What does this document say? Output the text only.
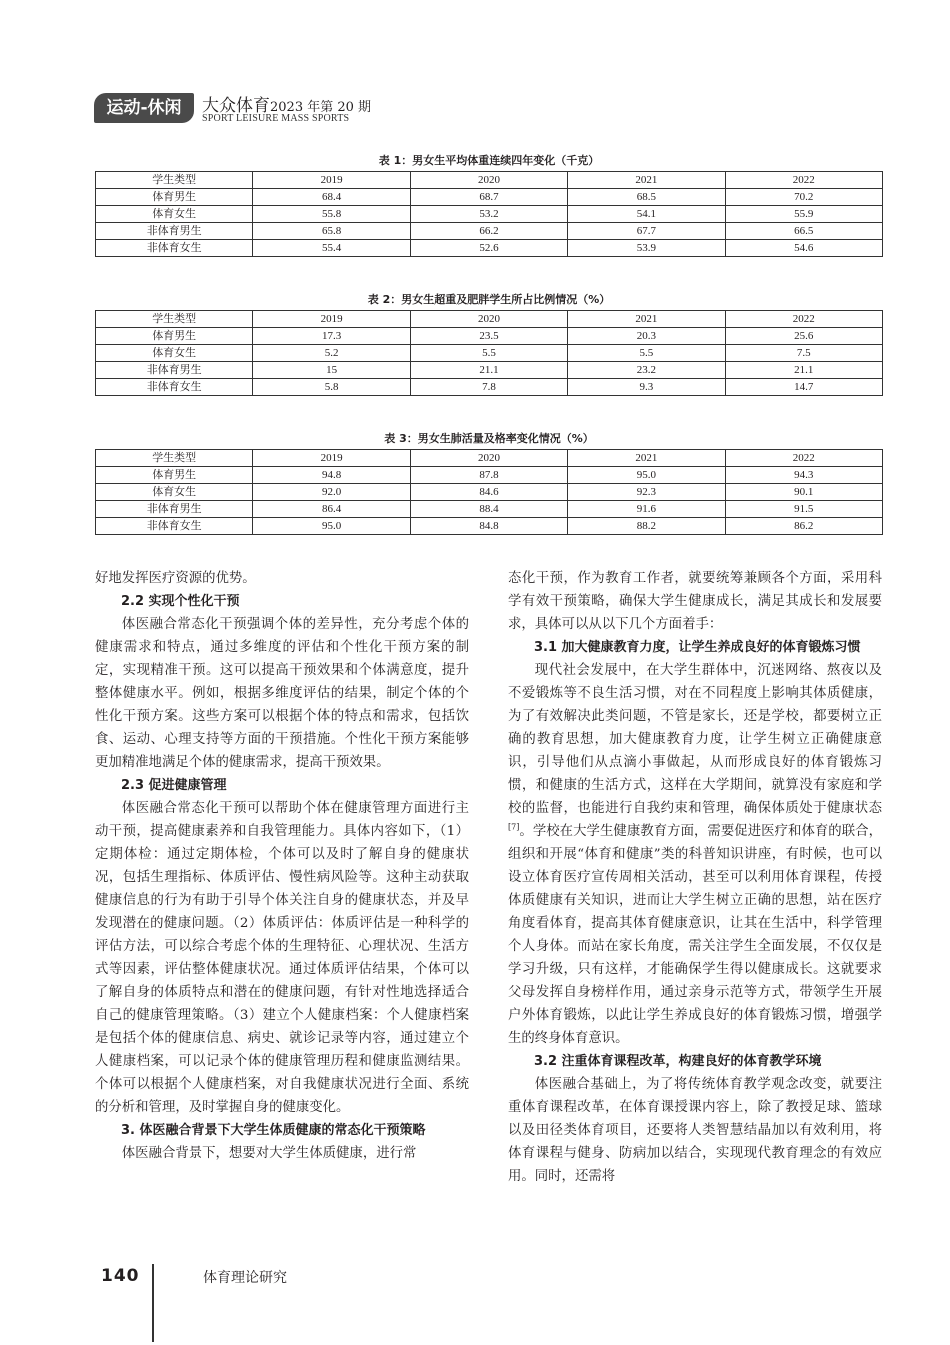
运动-休闲	大众体育2023 年第 20 期
SPORT LEISURE MASS SPORTS
表 1：男女生平均体重连续四年变化（千克）
学生类型	2019	2020	2021	2022
体育男生	68.4	68.7	68.5	70.2
体育女生	55.8	53.2	54.1	55.9
非体育男生	65.8	66.2	67.7	66.5
非体育女生	55.4	52.6	53.9	54.6
表 2：男女生超重及肥胖学生所占比例情况（%）
学生类型	2019	2020	2021	2022
体育男生	17.3	23.5	20.3	25.6
体育女生	5.2	5.5	5.5	7.5
非体育男生	15	21.1	23.2	21.1
非体育女生	5.8	7.8	9.3	14.7
表 3：男女生肺活量及格率变化情况（%）
学生类型	2019	2020	2021	2022
体育男生	94.8	87.8	95.0	94.3
体育女生	92.0	84.6	92.3	90.1
非体育男生	86.4	88.4	91.6	91.5
非体育女生	95.0	84.8	88.2	86.2

好地发挥医疗资源的优势。

2.2 实现个性化干预

体医融合常态化干预强调个体的差异性，充分考虑个体的健康需求和特点，通过多维度的评估和个性化干预方案的制定，实现精准干预。这可以提高干预效果和个体满意度，提升整体健康水平。例如，根据多维度评估的结果，制定个体的个性化干预方案。这些方案可以根据个体的特点和需求，包括饮食、运动、心理支持等方面的干预措施。个性化干预方案能够更加精准地满足个体的健康需求，提高干预效果。

2.3 促进健康管理

体医融合常态化干预可以帮助个体在健康管理方面进行主动干预，提高健康素养和自我管理能力。具体内容如下，（1）定期体检：通过定期体检，个体可以及时了解自身的健康状况，包括生理指标、体质评估、慢性病风险等。这种主动获取健康信息的行为有助于引导个体关注自身的健康状态，并及早发现潜在的健康问题。（2）体质评估：体质评估是一种科学的评估方法，可以综合考虑个体的生理特征、心理状况、生活方式等因素，评估整体健康状况。通过体质评估结果，个体可以了解自身的体质特点和潜在的健康问题，有针对性地选择适合自己的健康管理策略。（3）建立个人健康档案：个人健康档案是包括个体的健康信息、病史、就诊记录等内容，通过建立个人健康档案，可以记录个体的健康管理历程和健康监测结果。个体可以根据个人健康档案，对自我健康状况进行全面、系统的分析和管理，及时掌握自身的健康变化。

3. 体医融合背景下大学生体质健康的常态化干预策略

体医融合背景下，想要对大学生体质健康，进行常

态化干预，作为教育工作者，就要统筹兼顾各个方面，采用科学有效干预策略，确保大学生健康成长，满足其成长和发展要求，具体可以从以下几个方面着手：

3.1 加大健康教育力度，让学生养成良好的体育锻炼习惯

现代社会发展中，在大学生群体中，沉迷网络、熬夜以及不爱锻炼等不良生活习惯，对在不同程度上影响其体质健康，为了有效解决此类问题，不管是家长，还是学校，都要树立正确的教育思想，加大健康教育力度，让学生树立正确健康意识，引导他们从点滴小事做起，从而形成良好的体育锻炼习惯，和健康的生活方式，这样在大学期间，就算没有家庭和学校的监督，也能进行自我约束和管理，确保体质处于健康状态[7]。学校在大学生健康教育方面，需要促进医疗和体育的联合，组织和开展“体育和健康”类的科普知识讲座，有时候，也可以设立体育医疗宣传周相关活动，甚至可以利用体育课程，传授体质健康有关知识，进而让大学生树立正确的思想，站在医疗角度看体育，提高其体育健康意识，让其在生活中，科学管理个人身体。而站在家长角度，需关注学生全面发展，不仅仅是学习升级，只有这样，才能确保学生得以健康成长。这就要求父母发挥自身榜样作用，通过亲身示范等方式，带领学生开展户外体育锻炼，以此让学生养成良好的体育锻炼习惯，增强学生的终身体育意识。

3.2 注重体育课程改革，构建良好的体育教学环境

体医融合基础上，为了将传统体育教学观念改变，就要注重体育课程改革，在体育课授课内容上，除了教授足球、篮球以及田径类体育项目，还要将人类智慧结晶加以有效利用，将体育课程与健身、防病加以结合，实现现代教育理念的有效应用。同时，还需将

140	体育理论研究
